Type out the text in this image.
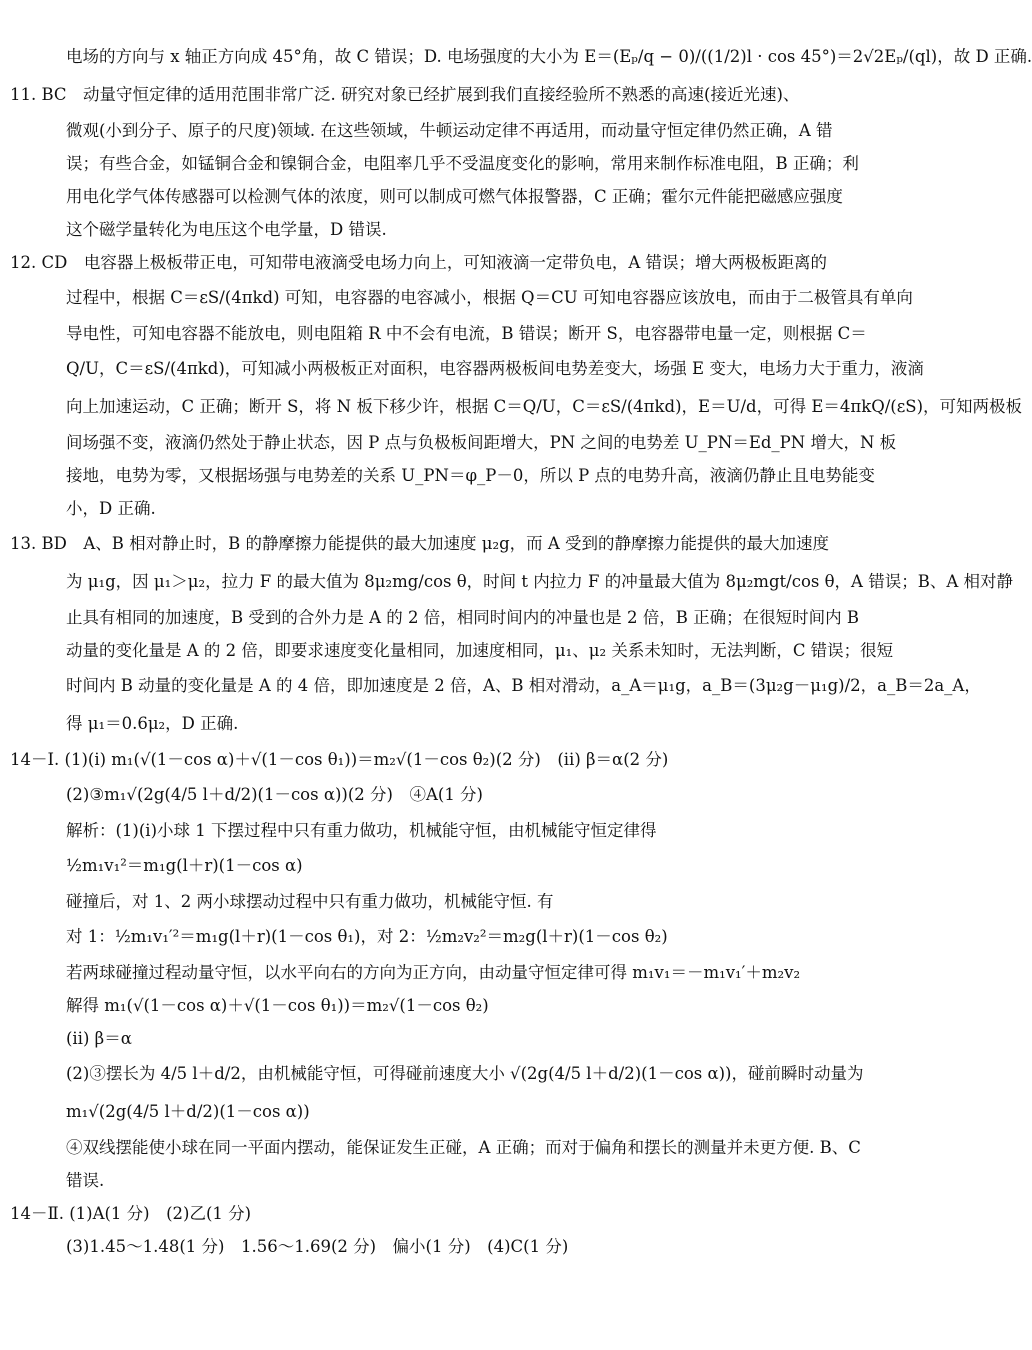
电场的方向与 x 轴正方向成 45°角，故 C 错误；D. 电场强度的大小为 E＝(Eₚ/q − 0)/((1/2)l · cos 45°)＝2√2Eₚ/(ql)，故 D 正确.
11. BC　动量守恒定律的适用范围非常广泛. 研究对象已经扩展到我们直接经验所不熟悉的高速(接近光速)、
微观(小到分子、原子的尺度)领域. 在这些领域，牛顿运动定律不再适用，而动量守恒定律仍然正确，A 错
误；有些合金，如锰铜合金和镍铜合金，电阻率几乎不受温度变化的影响，常用来制作标准电阻，B 正确；利
用电化学气体传感器可以检测气体的浓度，则可以制成可燃气体报警器，C 正确；霍尔元件能把磁感应强度
这个磁学量转化为电压这个电学量，D 错误.
12. CD　电容器上极板带正电，可知带电液滴受电场力向上，可知液滴一定带负电，A 错误；增大两极板距离的
过程中，根据 C＝εS/(4πkd) 可知，电容器的电容减小，根据 Q＝CU 可知电容器应该放电，而由于二极管具有单向
导电性，可知电容器不能放电，则电阻箱 R 中不会有电流，B 错误；断开 S，电容器带电量一定，则根据 C＝
Q/U，C＝εS/(4πkd)，可知减小两极板正对面积，电容器两极板间电势差变大，场强 E 变大，电场力大于重力，液滴
向上加速运动，C 正确；断开 S，将 N 板下移少许，根据 C＝Q/U，C＝εS/(4πkd)，E＝U/d，可得 E＝4πkQ/(εS)，可知两极板
间场强不变，液滴仍然处于静止状态，因 P 点与负极板间距增大，PN 之间的电势差 U_PN＝Ed_PN 增大，N 板
接地，电势为零，又根据场强与电势差的关系 U_PN＝φ_P－0，所以 P 点的电势升高，液滴仍静止且电势能变
小，D 正确.
13. BD　A、B 相对静止时，B 的静摩擦力能提供的最大加速度 μ₂g，而 A 受到的静摩擦力能提供的最大加速度
为 μ₁g，因 μ₁＞μ₂，拉力 F 的最大值为 8μ₂mg/cos θ，时间 t 内拉力 F 的冲量最大值为 8μ₂mgt/cos θ，A 错误；B、A 相对静
止具有相同的加速度，B 受到的合外力是 A 的 2 倍，相同时间内的冲量也是 2 倍，B 正确；在很短时间内 B
动量的变化量是 A 的 2 倍，即要求速度变化量相同，加速度相同，μ₁、μ₂ 关系未知时，无法判断，C 错误；很短
时间内 B 动量的变化量是 A 的 4 倍，即加速度是 2 倍，A、B 相对滑动，a_A＝μ₁g，a_B＝(3μ₂g－μ₁g)/2，a_B＝2a_A，
得 μ₁＝0.6μ₂，D 正确.
14－Ⅰ. (1)(ⅰ) m₁(√(1－cos α)＋√(1－cos θ₁))＝m₂√(1－cos θ₂)(2 分)　(ⅱ) β＝α(2 分)
(2)③m₁√(2g(4/5 l＋d/2)(1－cos α))(2 分)　④A(1 分)
解析：(1)(ⅰ)小球 1 下摆过程中只有重力做功，机械能守恒，由机械能守恒定律得
½m₁v₁²＝m₁g(l＋r)(1－cos α)
碰撞后，对 1、2 两小球摆动过程中只有重力做功，机械能守恒. 有
对 1：½m₁v₁′²＝m₁g(l＋r)(1－cos θ₁)，对 2：½m₂v₂²＝m₂g(l＋r)(1－cos θ₂)
若两球碰撞过程动量守恒，以水平向右的方向为正方向，由动量守恒定律可得 m₁v₁＝－m₁v₁′＋m₂v₂
解得 m₁(√(1－cos α)＋√(1－cos θ₁))＝m₂√(1－cos θ₂)
(ⅱ) β＝α
(2)③摆长为 4/5 l＋d/2，由机械能守恒，可得碰前速度大小 √(2g(4/5 l＋d/2)(1－cos α))，碰前瞬时动量为
m₁√(2g(4/5 l＋d/2)(1－cos α))
④双线摆能使小球在同一平面内摆动，能保证发生正碰，A 正确；而对于偏角和摆长的测量并未更方便. B、C
错误.
14－Ⅱ. (1)A(1 分)　(2)乙(1 分)
(3)1.45～1.48(1 分)　1.56～1.69(2 分)　偏小(1 分)　(4)C(1 分)
